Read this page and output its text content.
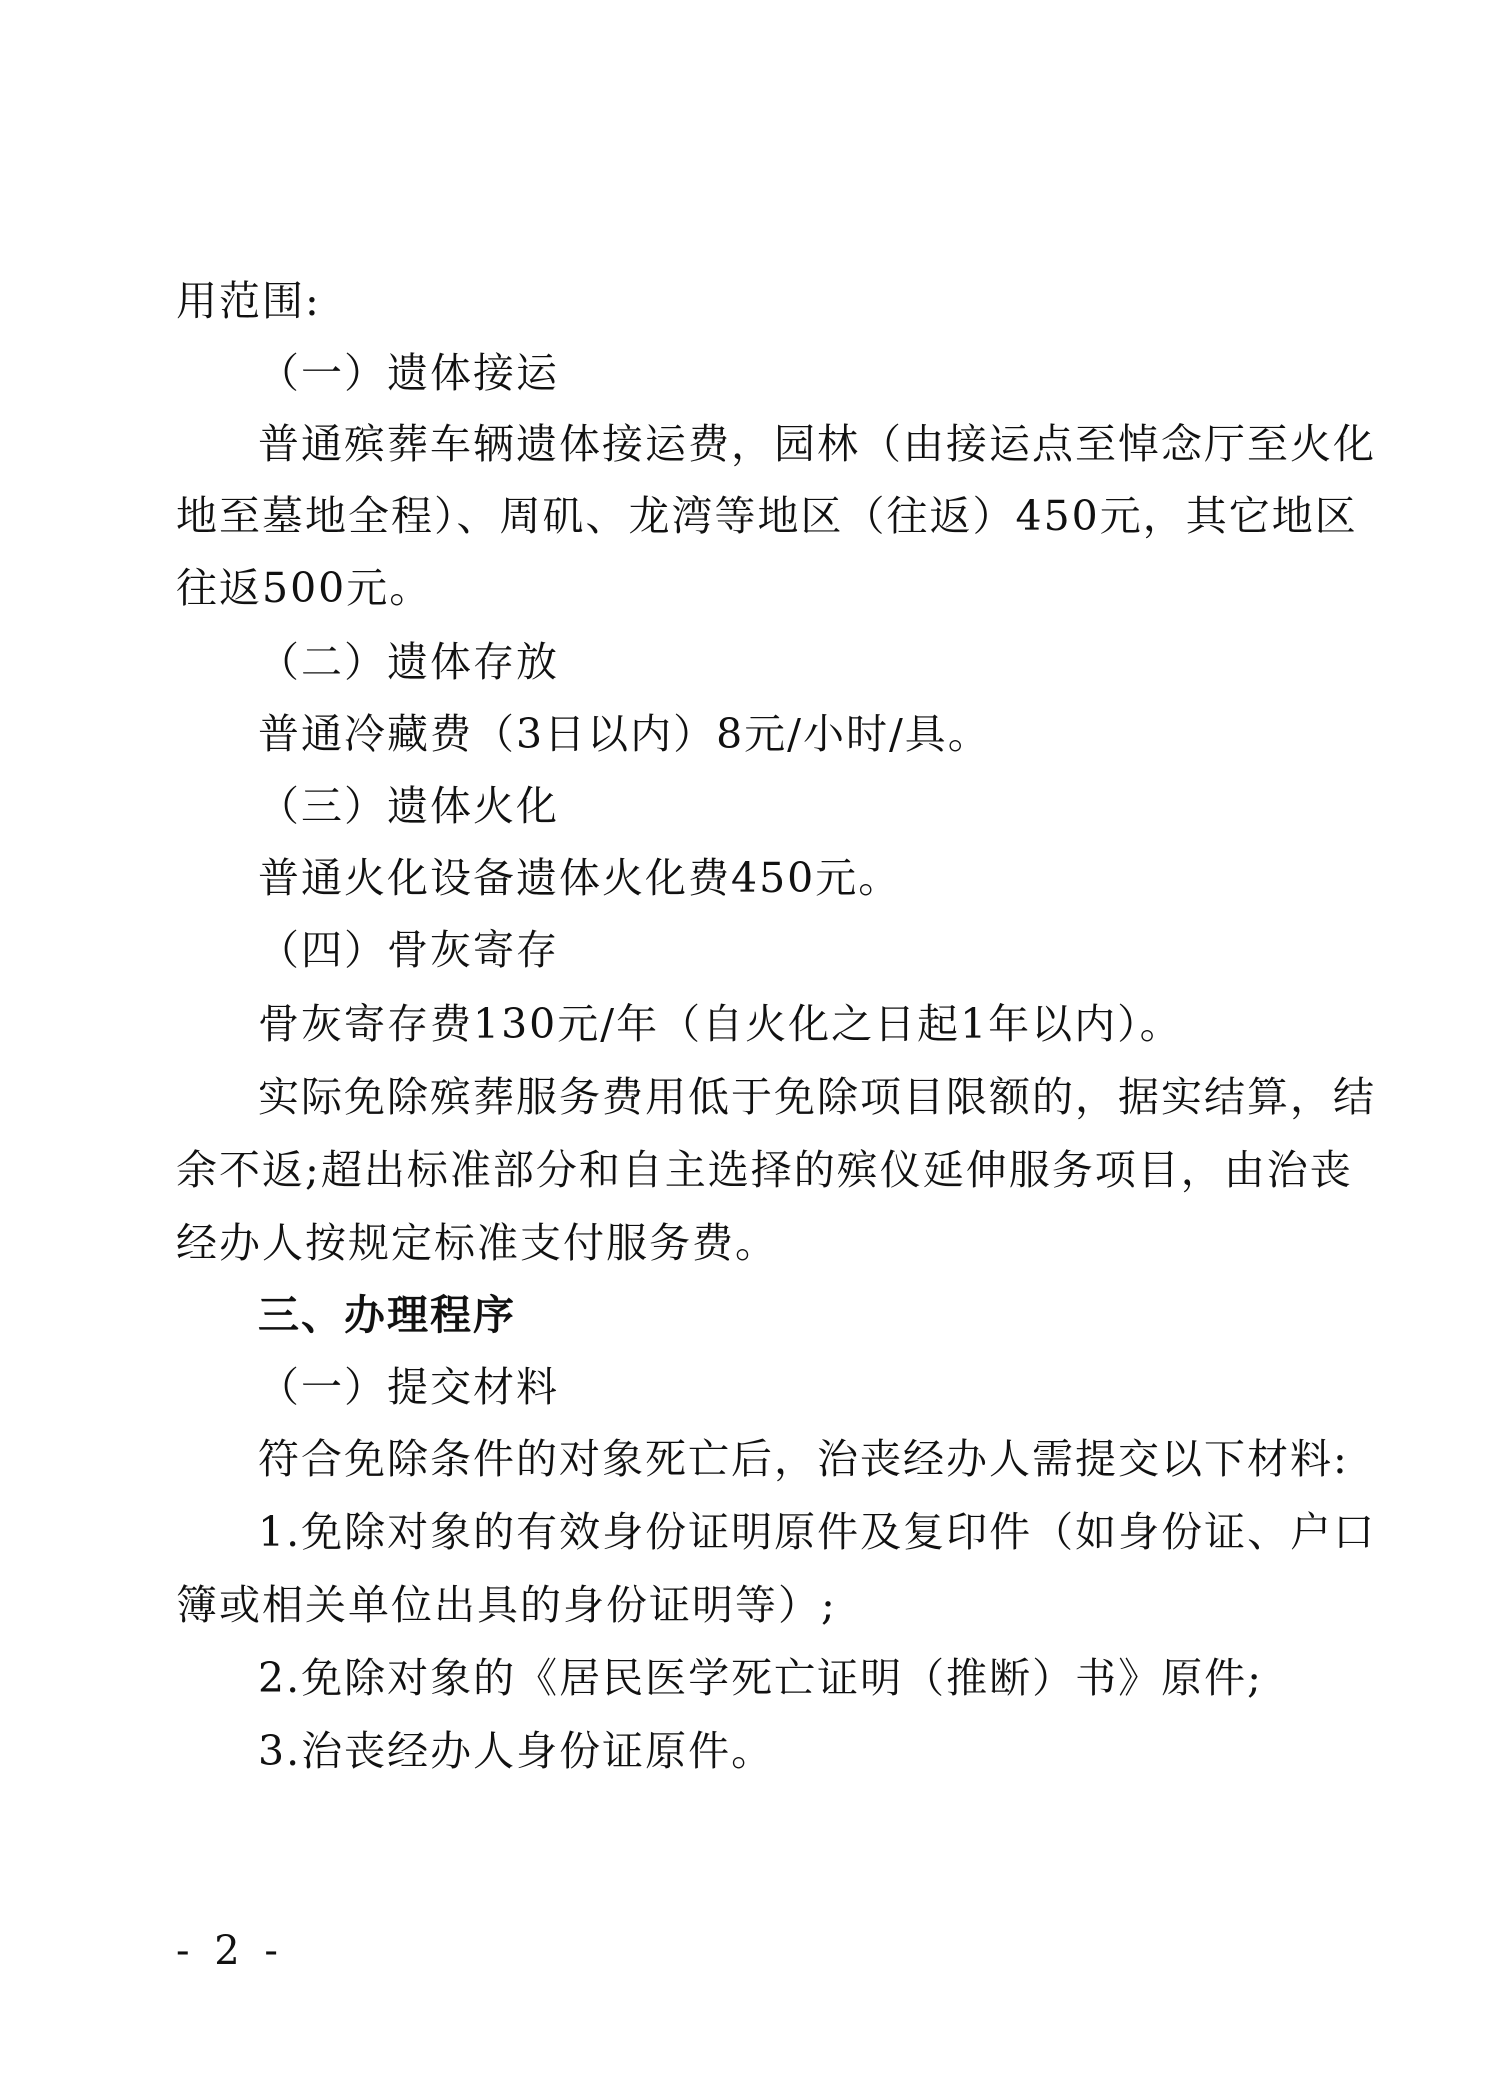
用范围:
（一）遗体接运
普通殡葬车辆遗体接运费，园林（由接运点至悼念厅至火化
地至墓地全程）、周矶、龙湾等地区（往返）450元，其它地区
往返500元。
（二）遗体存放
普通冷藏费（3日以内）8元/小时/具。
（三）遗体火化
普通火化设备遗体火化费450元。
（四）骨灰寄存
骨灰寄存费130元/年（自火化之日起1年以内）。
实际免除殡葬服务费用低于免除项目限额的，据实结算，结
余不返;超出标准部分和自主选择的殡仪延伸服务项目，由治丧
经办人按规定标准支付服务费。
三、办理程序
（一）提交材料
符合免除条件的对象死亡后，治丧经办人需提交以下材料:
1.免除对象的有效身份证明原件及复印件（如身份证、户口
簿或相关单位出具的身份证明等）;
2.免除对象的《居民医学死亡证明（推断）书》原件;
3.治丧经办人身份证原件。
- 2 -
